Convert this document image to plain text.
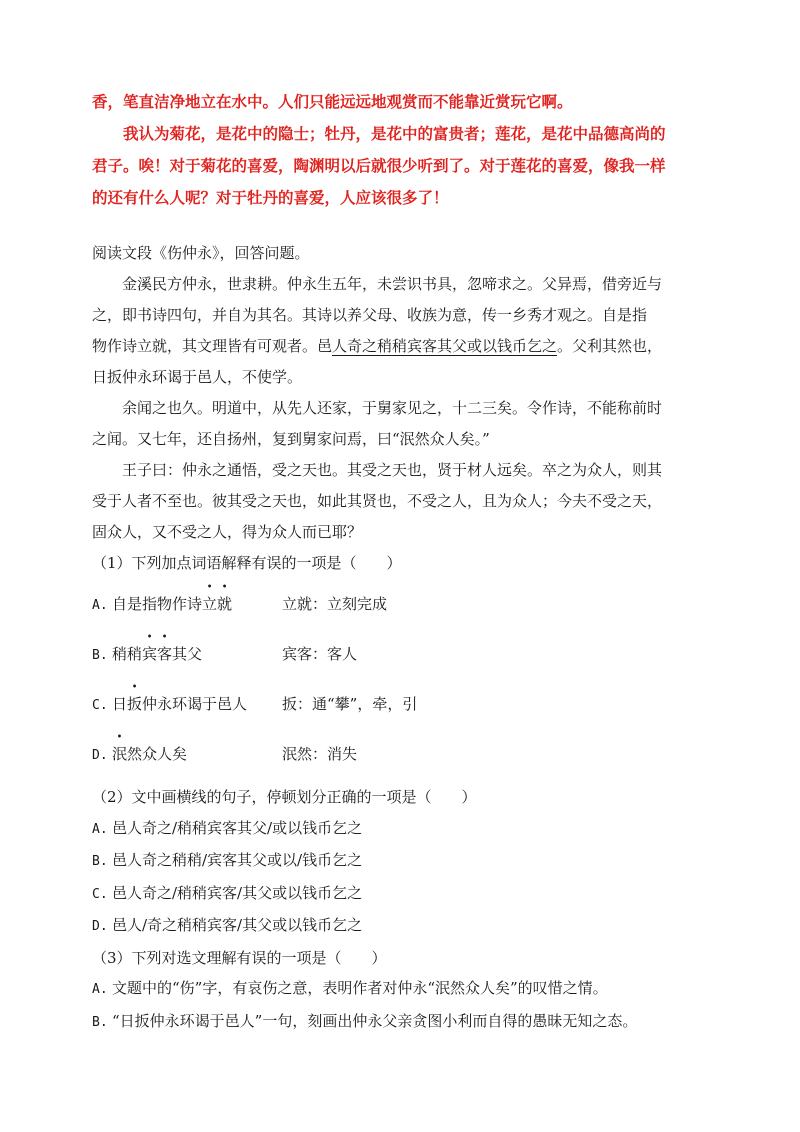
香，笔直洁净地立在水中。人们只能远远地观赏而不能靠近赏玩它啊。

我认为菊花，是花中的隐士；牡丹，是花中的富贵者；莲花，是花中品德高尚的

君子。唉！对于菊花的喜爱，陶渊明以后就很少听到了。对于莲花的喜爱，像我一样

的还有什么人呢？对于牡丹的喜爱，人应该很多了！

阅读文段《伤仲永》，回答问题。

金溪民方仲永，世隶耕。仲永生五年，未尝识书具，忽啼求之。父异焉，借旁近与

之，即书诗四句，并自为其名。其诗以养父母、收族为意，传一乡秀才观之。自是指

物作诗立就，其文理皆有可观者。邑人奇之稍稍宾客其父或以钱币乞之。父利其然也，

日扳仲永环谒于邑人，不使学。

余闻之也久。明道中，从先人还家，于舅家见之，十二三矣。令作诗，不能称前时

之闻。又七年，还自扬州，复到舅家问焉，曰“泯然众人矣。”

王子曰：仲永之通悟，受之天也。其受之天也，贤于材人远矣。卒之为众人，则其

受于人者不至也。彼其受之天也，如此其贤也，不受之人，且为众人；今夫不受之天，

固众人，又不受之人，得为众人而已耶？

（1）下列加点词语解释有误的一项是（　　）

A. 自是指物作诗立就	立就：立刻完成
B. 稍稍宾客其父	宾客：客人
C. 日扳仲永环谒于邑人	扳：通“攀”，牵，引
D. 泯然众人矣	泯然：消失

（2）文中画横线的句子，停顿划分正确的一项是（　　）

A. 邑人奇之/稍稍宾客其父/或以钱币乞之

B. 邑人奇之稍稍/宾客其父或以/钱币乞之

C. 邑人奇之/稍稍宾客/其父或以钱币乞之

D. 邑人/奇之稍稍宾客/其父或以钱币乞之

（3）下列对选文理解有误的一项是（　　）

A. 文题中的“伤”字，有哀伤之意，表明作者对仲永“泯然众人矣”的叹惜之情。

B. “日扳仲永环谒于邑人”一句，刻画出仲永父亲贪图小利而自得的愚昧无知之态。
